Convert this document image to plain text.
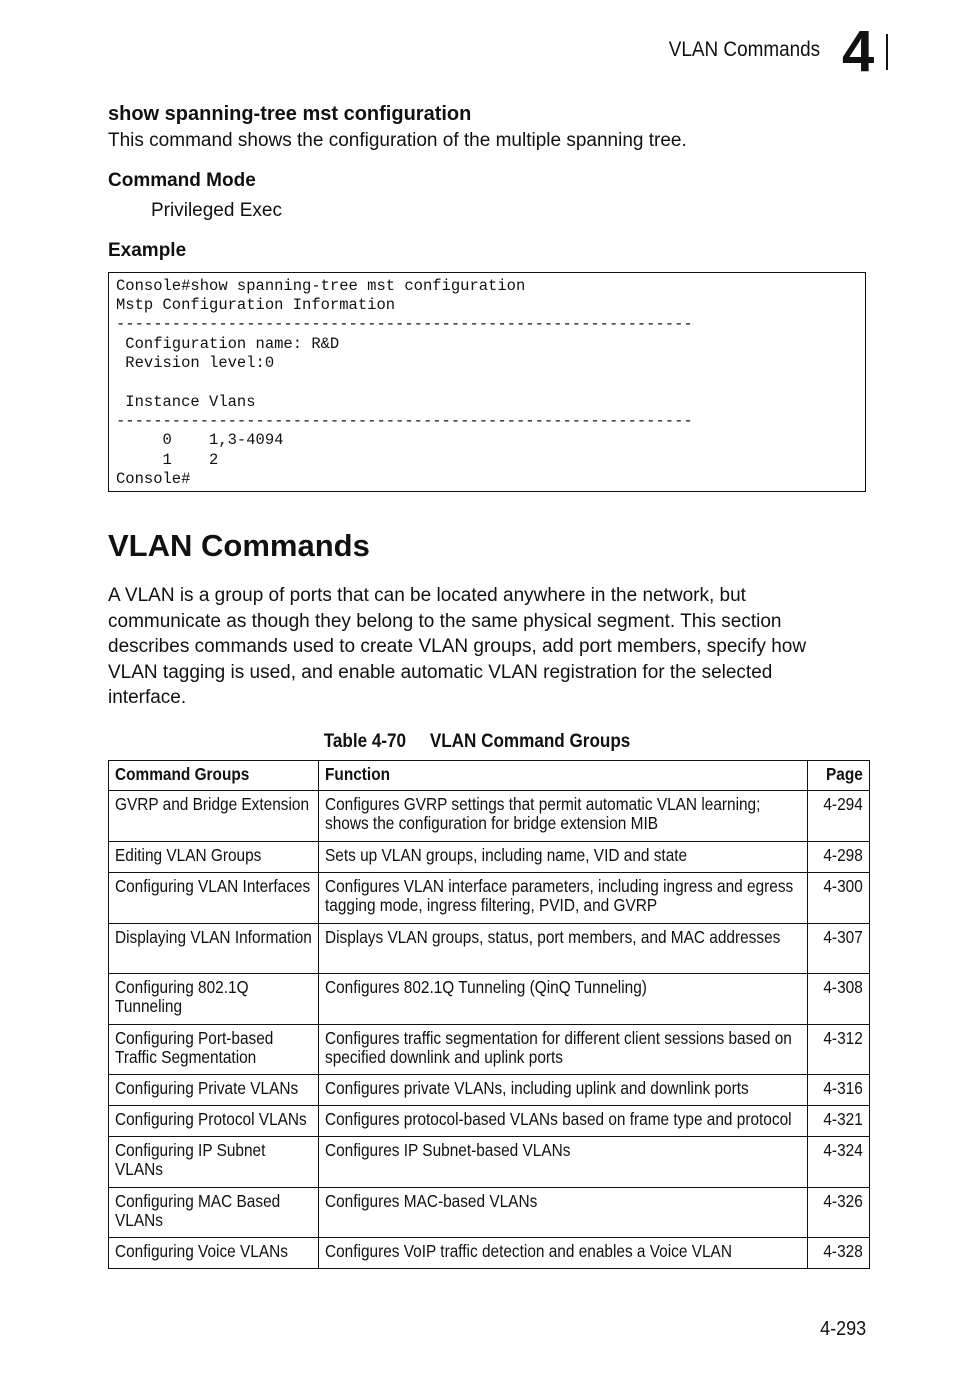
VLAN Commands 4
show spanning-tree mst configuration
This command shows the configuration of the multiple spanning tree.
Command Mode
Privileged Exec
Example
Console#show spanning-tree mst configuration
Mstp Configuration Information
--------------------------------------------------------------
Configuration name: R&D
Revision level:0
Instance Vlans
--------------------------------------------------------------
0    1,3-4094
1    2
Console#
VLAN Commands
A VLAN is a group of ports that can be located anywhere in the network, but
communicate as though they belong to the same physical segment. This section
describes commands used to create VLAN groups, add port members, specify how
VLAN tagging is used, and enable automatic VLAN registration for the selected
interface.
Table 4-70 VLAN Command Groups
Command Groups	Function	Page

GVRP and Bridge Extension	Configures GVRP settings that permit automatic VLAN learning; shows the configuration for bridge extension MIB	4-294

Editing VLAN Groups	Sets up VLAN groups, including name, VID and state	4-298

Configuring VLAN Interfaces	Configures VLAN interface parameters, including ingress and egress tagging mode, ingress filtering, PVID, and GVRP	4-300

Displaying VLAN Information	Displays VLAN groups, status, port members, and MAC addresses	4-307

Configuring 802.1Q Tunneling	Configures 802.1Q Tunneling (QinQ Tunneling)	4-308

Configuring Port-based Traffic Segmentation	Configures traffic segmentation for different client sessions based on specified downlink and uplink ports	4-312

Configuring Private VLANs	Configures private VLANs, including uplink and downlink ports	4-316

Configuring Protocol VLANs	Configures protocol-based VLANs based on frame type and protocol	4-321

Configuring IP Subnet VLANs	Configures IP Subnet-based VLANs	4-324

Configuring MAC Based VLANs	Configures MAC-based VLANs	4-326

Configuring Voice VLANs	Configures VoIP traffic detection and enables a Voice VLAN	4-328
4-293
